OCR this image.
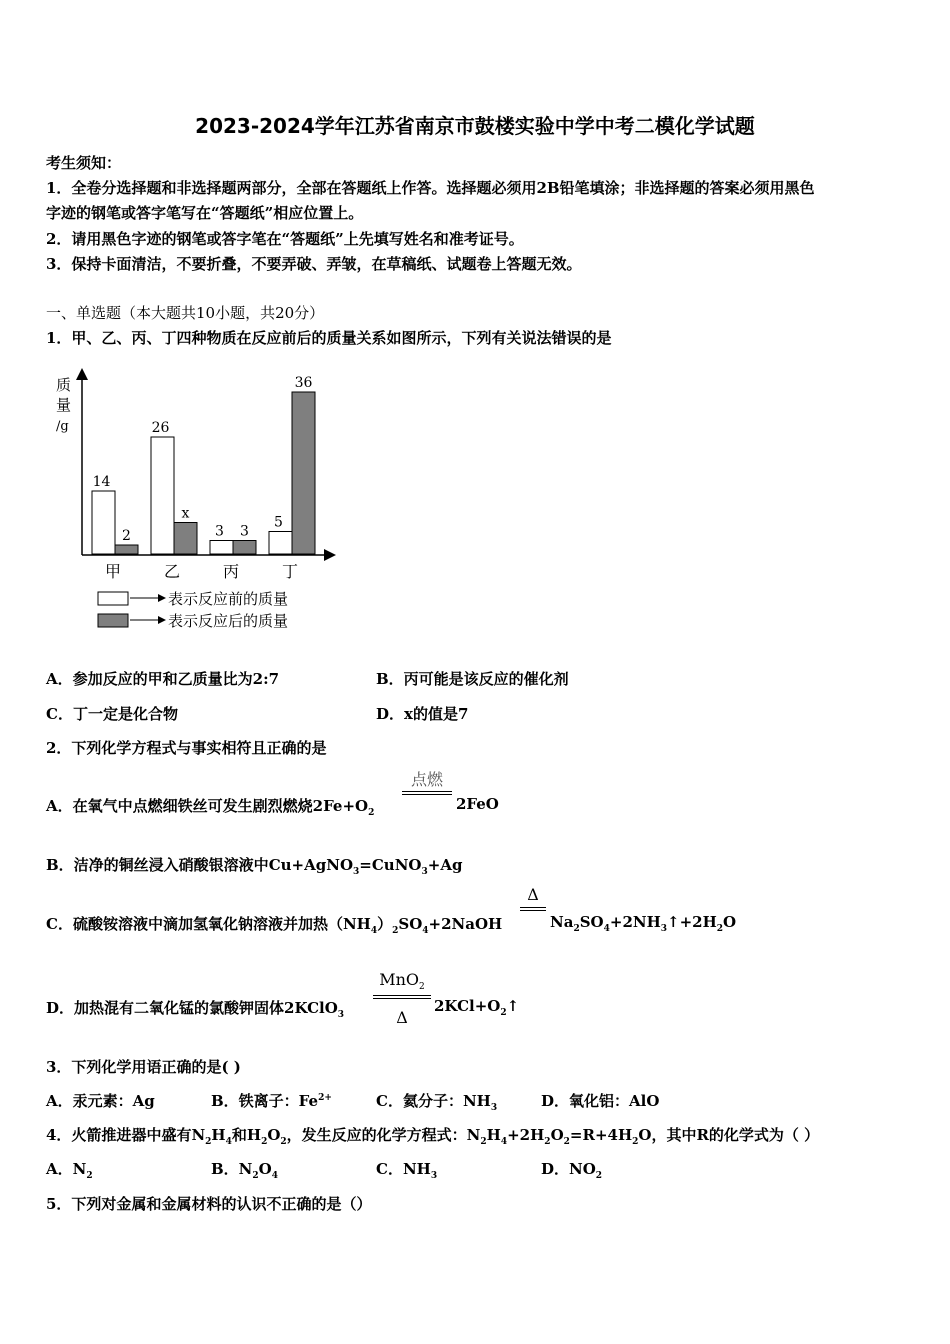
2023-2024学年江苏省南京市鼓楼实验中学中考二模化学试题
考生须知：
1．全卷分选择题和非选择题两部分，全部在答题纸上作答。选择题必须用2B铅笔填涂；非选择题的答案必须用黑色
字迹的钢笔或答字笔写在“答题纸”相应位置上。
2．请用黑色字迹的钢笔或答字笔在“答题纸”上先填写姓名和准考证号。
3．保持卡面清洁，不要折叠，不要弄破、弄皱，在草稿纸、试题卷上答题无效。
一、单选题（本大题共10小题，共20分）
1．甲、乙、丙、丁四种物质在反应前后的质量关系如图所示，下列有关说法错误的是
质
量
/g
14
2
甲
26
x
乙
3 3
丙
5
36
丁
表示反应前的质量
表示反应后的质量
A．参加反应的甲和乙质量比为2:7	B．丙可能是该反应的催化剂
C．丁一定是化合物	D．x的值是7
2．下列化学方程式与事实相符且正确的是
A．在氧气中点燃细铁丝可发生剧烈燃烧$2Fe+O_2$
点燃
2FeO
B．洁净的铜丝浸入硝酸银溶液中Cu+AgNO$_3$=CuNO$_3$+Ag
C．硫酸铵溶液中滴加氢氧化钠溶液并加热$(NH_4)_2SO_4+2NaOH$
Δ
$Na_2SO_4+2NH_3↑+2H_2O$
D．加热混有二氧化锰的氯酸钾固体2KClO$_3$
MnO$_2$
Δ
$2KCl+O_2↑$
3．下列化学用语正确的是( )
A．汞元素：Ag	B．铁离子：$Fe^{2+}$	C．氦分子：$NH_3$	D．氧化铝：AlO
4．火箭推进器中盛有$N_2H_4$和$H_2O_2$，发生反应的化学方程式：$N_2H_4+2H_2O_2=R+4H_2O$，其中R的化学式为（ ）
A．$N_2$	B．$N_2O_4$	C．$NH_3$	D．$NO_2$
5．下列对金属和金属材料的认识不正确的是（）
